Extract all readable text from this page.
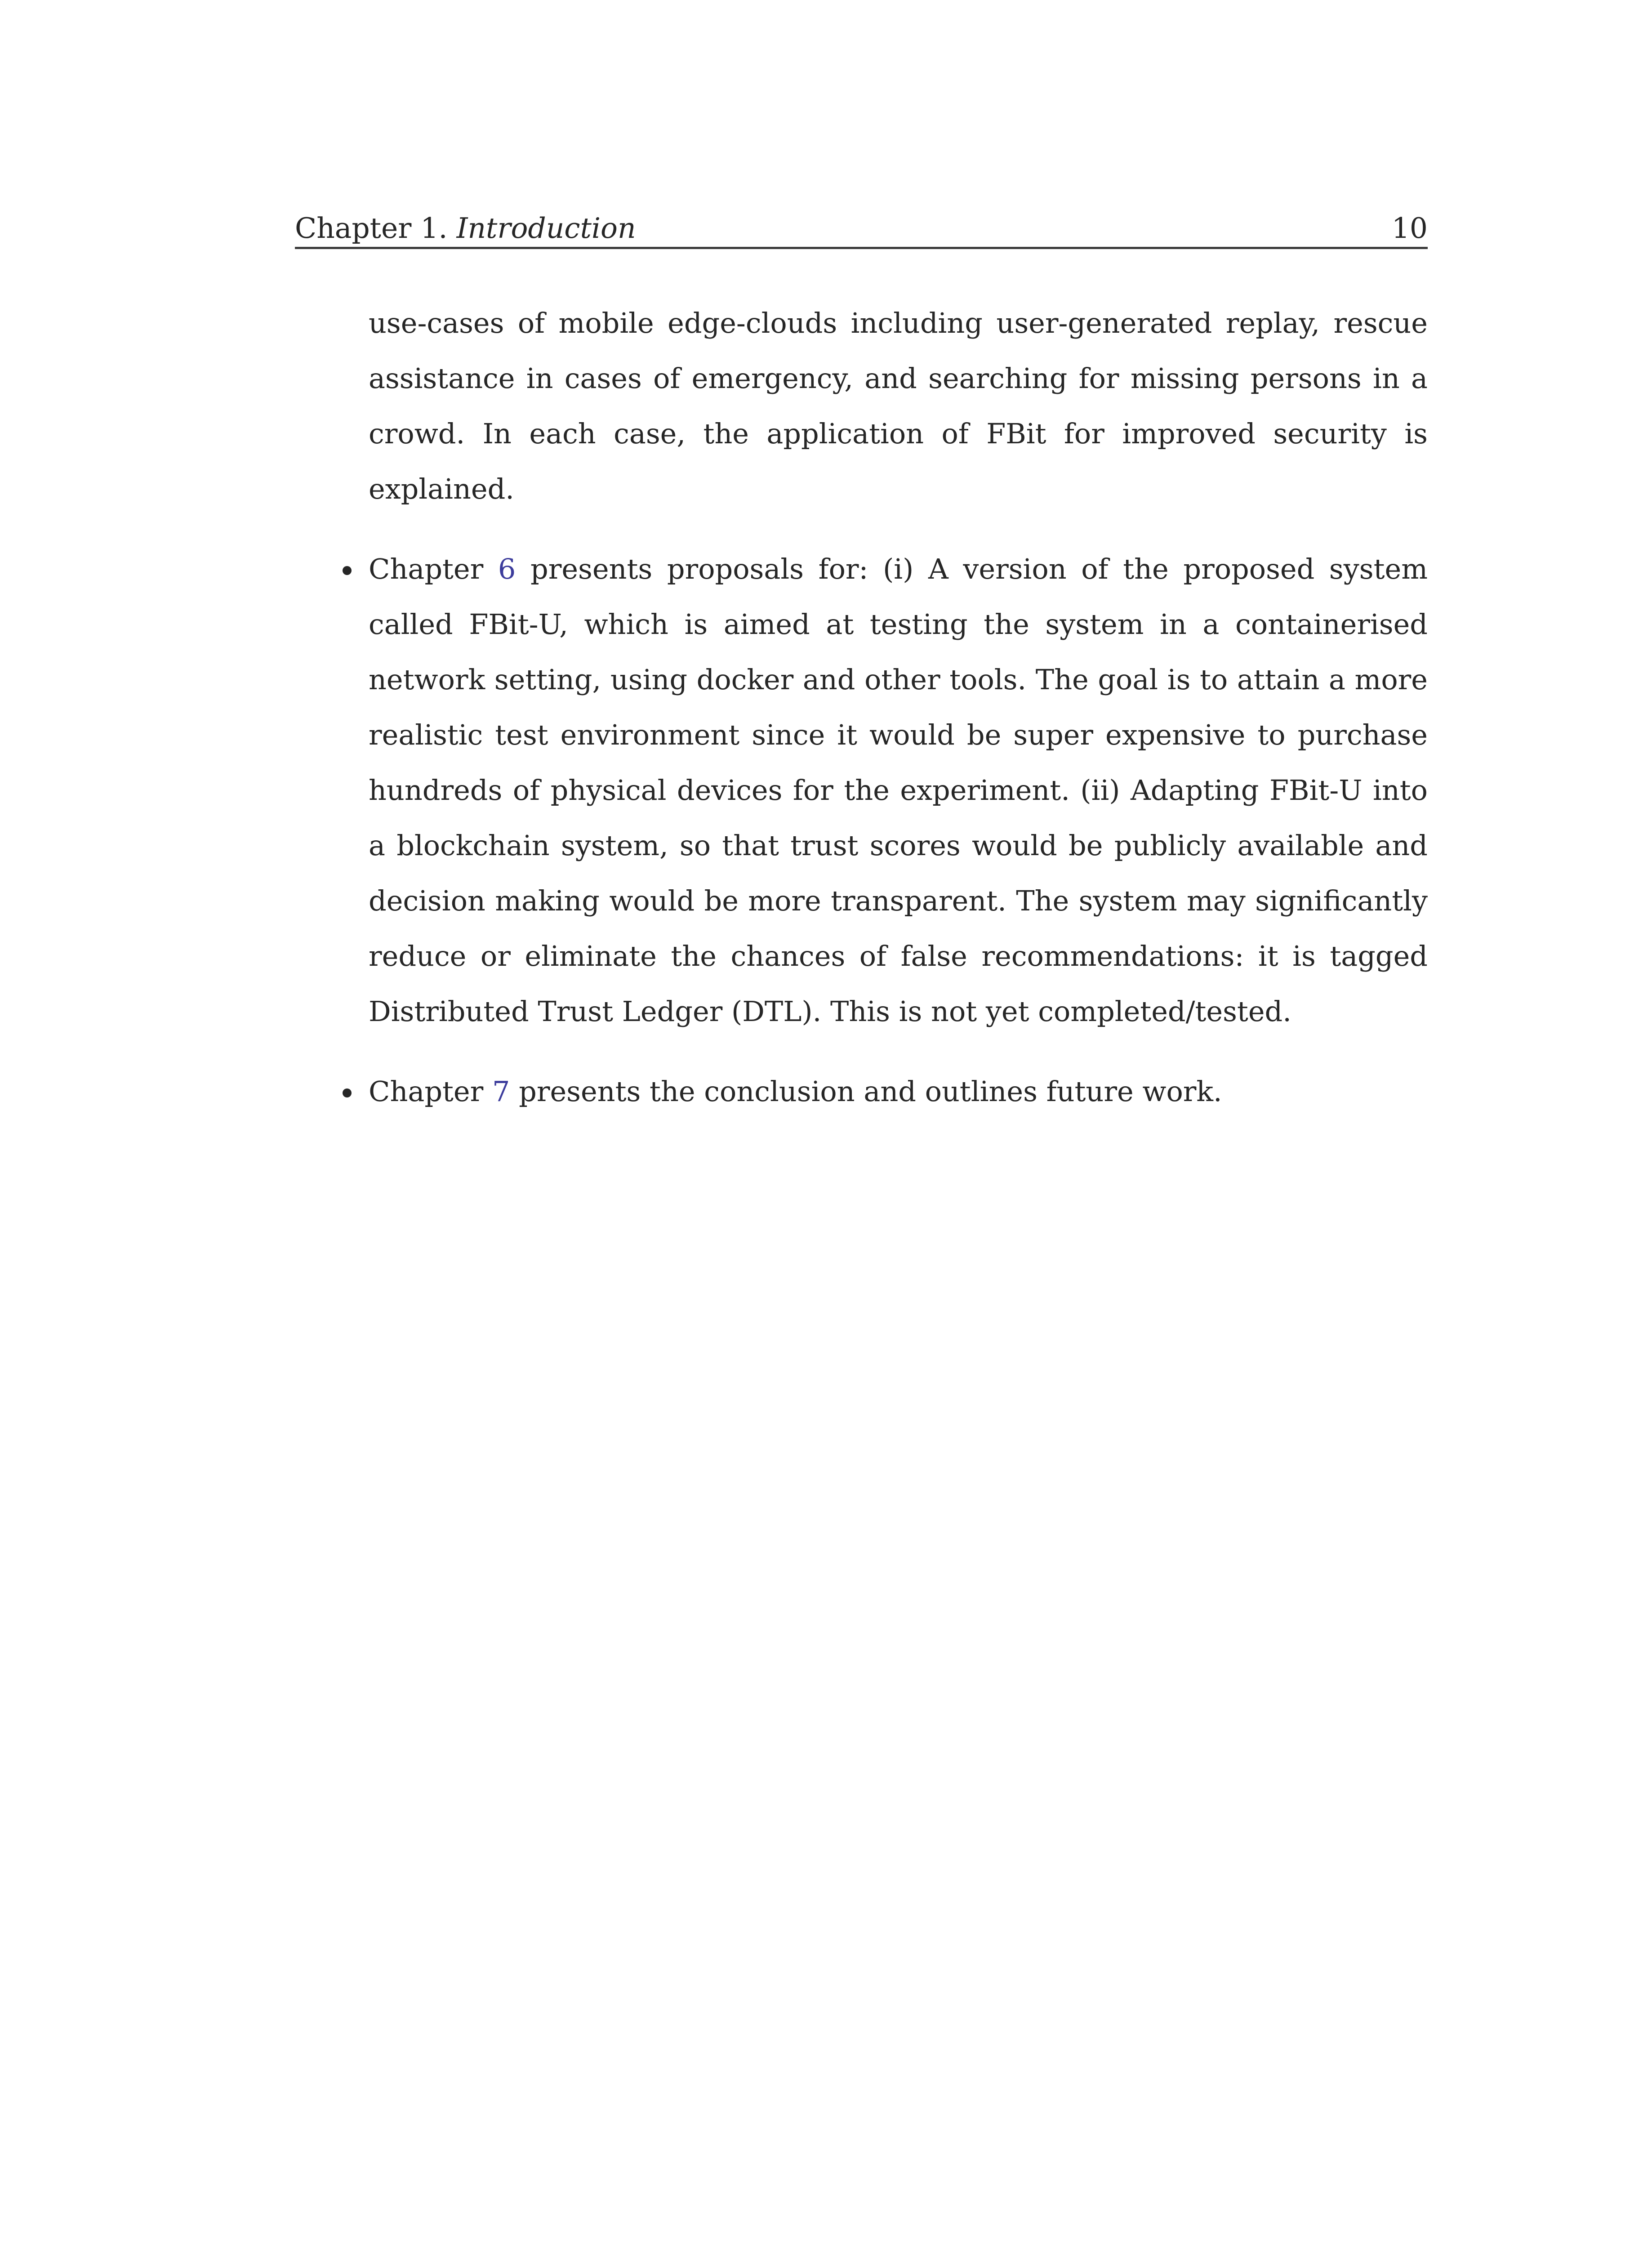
Chapter 1. Introduction	10

use-cases of mobile edge-clouds including user-generated replay, rescue assistance in cases of emergency, and searching for missing persons in a crowd. In each case, the application of FBit for improved security is explained.

Chapter 6 presents proposals for: (i) A version of the proposed system called FBit-U, which is aimed at testing the system in a containerised network setting, using docker and other tools. The goal is to attain a more realistic test environment since it would be super expensive to purchase hundreds of physical devices for the experiment. (ii) Adapting FBit-U into a blockchain system, so that trust scores would be publicly available and decision making would be more transparent. The system may significantly reduce or eliminate the chances of false recommendations: it is tagged Distributed Trust Ledger (DTL). This is not yet completed/tested.
Chapter 7 presents the conclusion and outlines future work.
